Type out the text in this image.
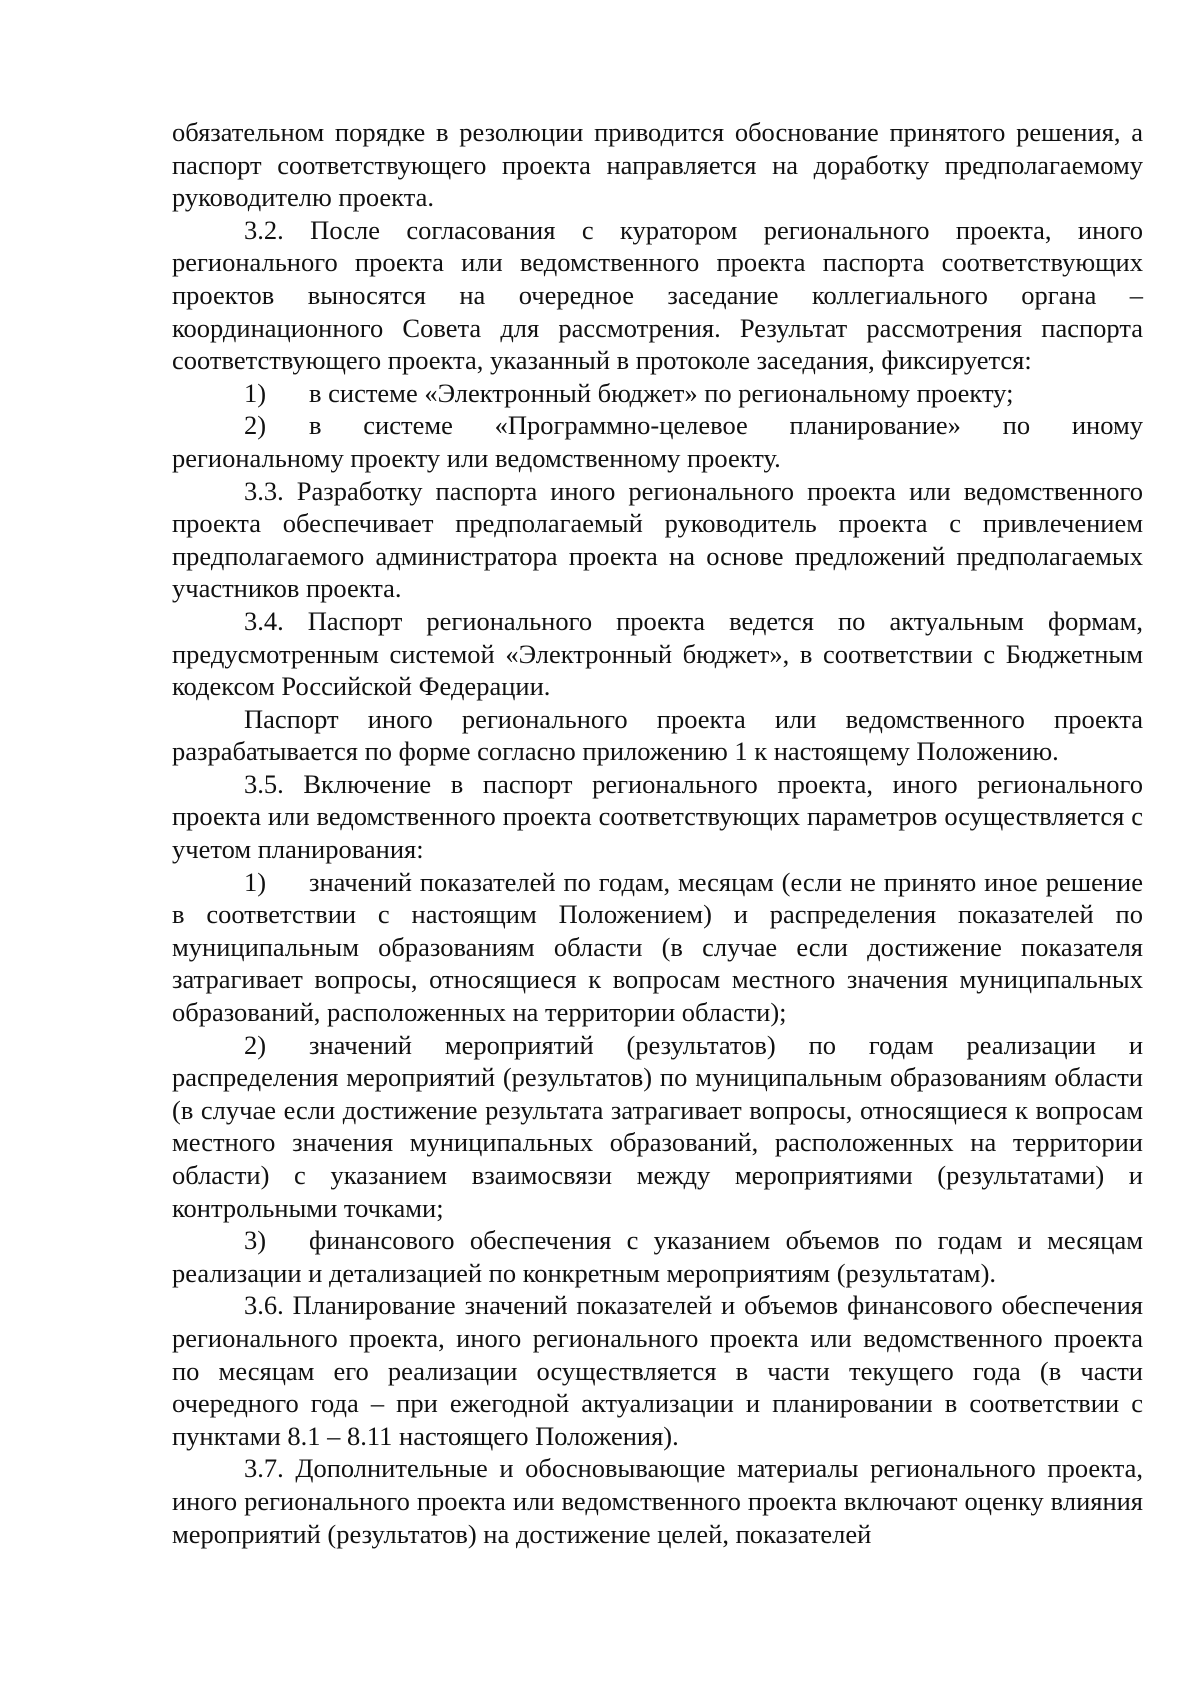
обязательном порядке в резолюции приводится обоснование принятого решения, а паспорт соответствующего проекта направляется на доработку предполагаемому руководителю проекта.

3.2. После согласования с куратором регионального проекта, иного регионального проекта или ведомственного проекта паспорта соответствующих проектов выносятся на очередное заседание коллегиального органа – координационного Совета для рассмотрения. Результат рассмотрения паспорта соответствующего проекта, указанный в протоколе заседания, фиксируется:

1) в системе «Электронный бюджет» по региональному проекту;

2) в системе «Программно-целевое планирование» по иному региональному проекту или ведомственному проекту.

3.3. Разработку паспорта иного регионального проекта или ведомственного проекта обеспечивает предполагаемый руководитель проекта с привлечением предполагаемого администратора проекта на основе предложений предполагаемых участников проекта.

3.4. Паспорт регионального проекта ведется по актуальным формам, предусмотренным системой «Электронный бюджет», в соответствии с Бюджетным кодексом Российской Федерации.

Паспорт иного регионального проекта или ведомственного проекта разрабатывается по форме согласно приложению 1 к настоящему Положению.

3.5. Включение в паспорт регионального проекта, иного регионального проекта или ведомственного проекта соответствующих параметров осуществляется с учетом планирования:

1) значений показателей по годам, месяцам (если не принято иное решение в соответствии с настоящим Положением) и распределения показателей по муниципальным образованиям области (в случае если достижение показателя затрагивает вопросы, относящиеся к вопросам местного значения муниципальных образований, расположенных на территории области);

2) значений мероприятий (результатов) по годам реализации и распределения мероприятий (результатов) по муниципальным образованиям области (в случае если достижение результата затрагивает вопросы, относящиеся к вопросам местного значения муниципальных образований, расположенных на территории области) с указанием взаимосвязи между мероприятиями (результатами) и контрольными точками;

3) финансового обеспечения с указанием объемов по годам и месяцам реализации и детализацией по конкретным мероприятиям (результатам).

3.6. Планирование значений показателей и объемов финансового обеспечения регионального проекта, иного регионального проекта или ведомственного проекта по месяцам его реализации осуществляется в части текущего года (в части очередного года – при ежегодной актуализации и планировании в соответствии с пунктами 8.1 – 8.11 настоящего Положения).

3.7. Дополнительные и обосновывающие материалы регионального проекта, иного регионального проекта или ведомственного проекта включают оценку влияния мероприятий (результатов) на достижение целей, показателей
